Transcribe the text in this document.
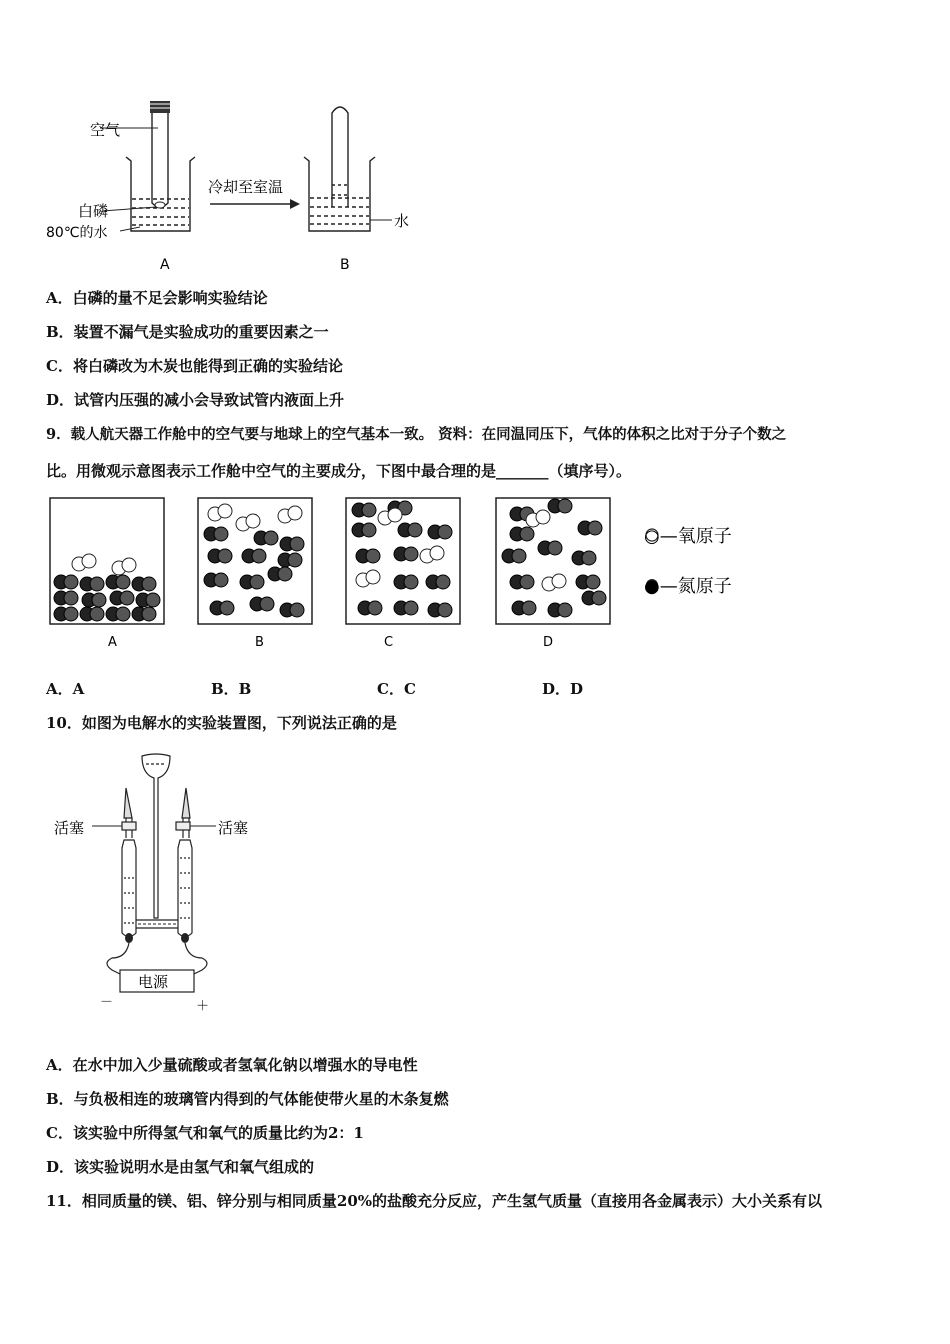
空气
白磷
80℃的水
冷却至室温
水
A	B
A．白磷的量不足会影响实验结论
B．装置不漏气是实验成功的重要因素之一
C．将白磷改为木炭也能得到正确的实验结论
D．试管内压强的减小会导致试管内液面上升
9．载人航天器工作舱中的空气要与地球上的空气基本一致。 资料：在同温同压下，气体的体积之比对于分子个数之
比。用微观示意图表示工作舱中空气的主要成分，下图中最合理的是_______（填序号）。
○—氧原子
●—氮原子
A	B	C	D
A．A	B．B	C．C	D．D
10．如图为电解水的实验装置图，下列说法正确的是
电源
－	＋
活塞	活塞
A．在水中加入少量硫酸或者氢氧化钠以增强水的导电性
B．与负极相连的玻璃管内得到的气体能使带火星的木条复燃
C．该实验中所得氢气和氧气的质量比约为2：1
D．该实验说明水是由氢气和氧气组成的
11．相同质量的镁、铝、锌分别与相同质量20%的盐酸充分反应，产生氢气质量（直接用各金属表示）大小关系有以
